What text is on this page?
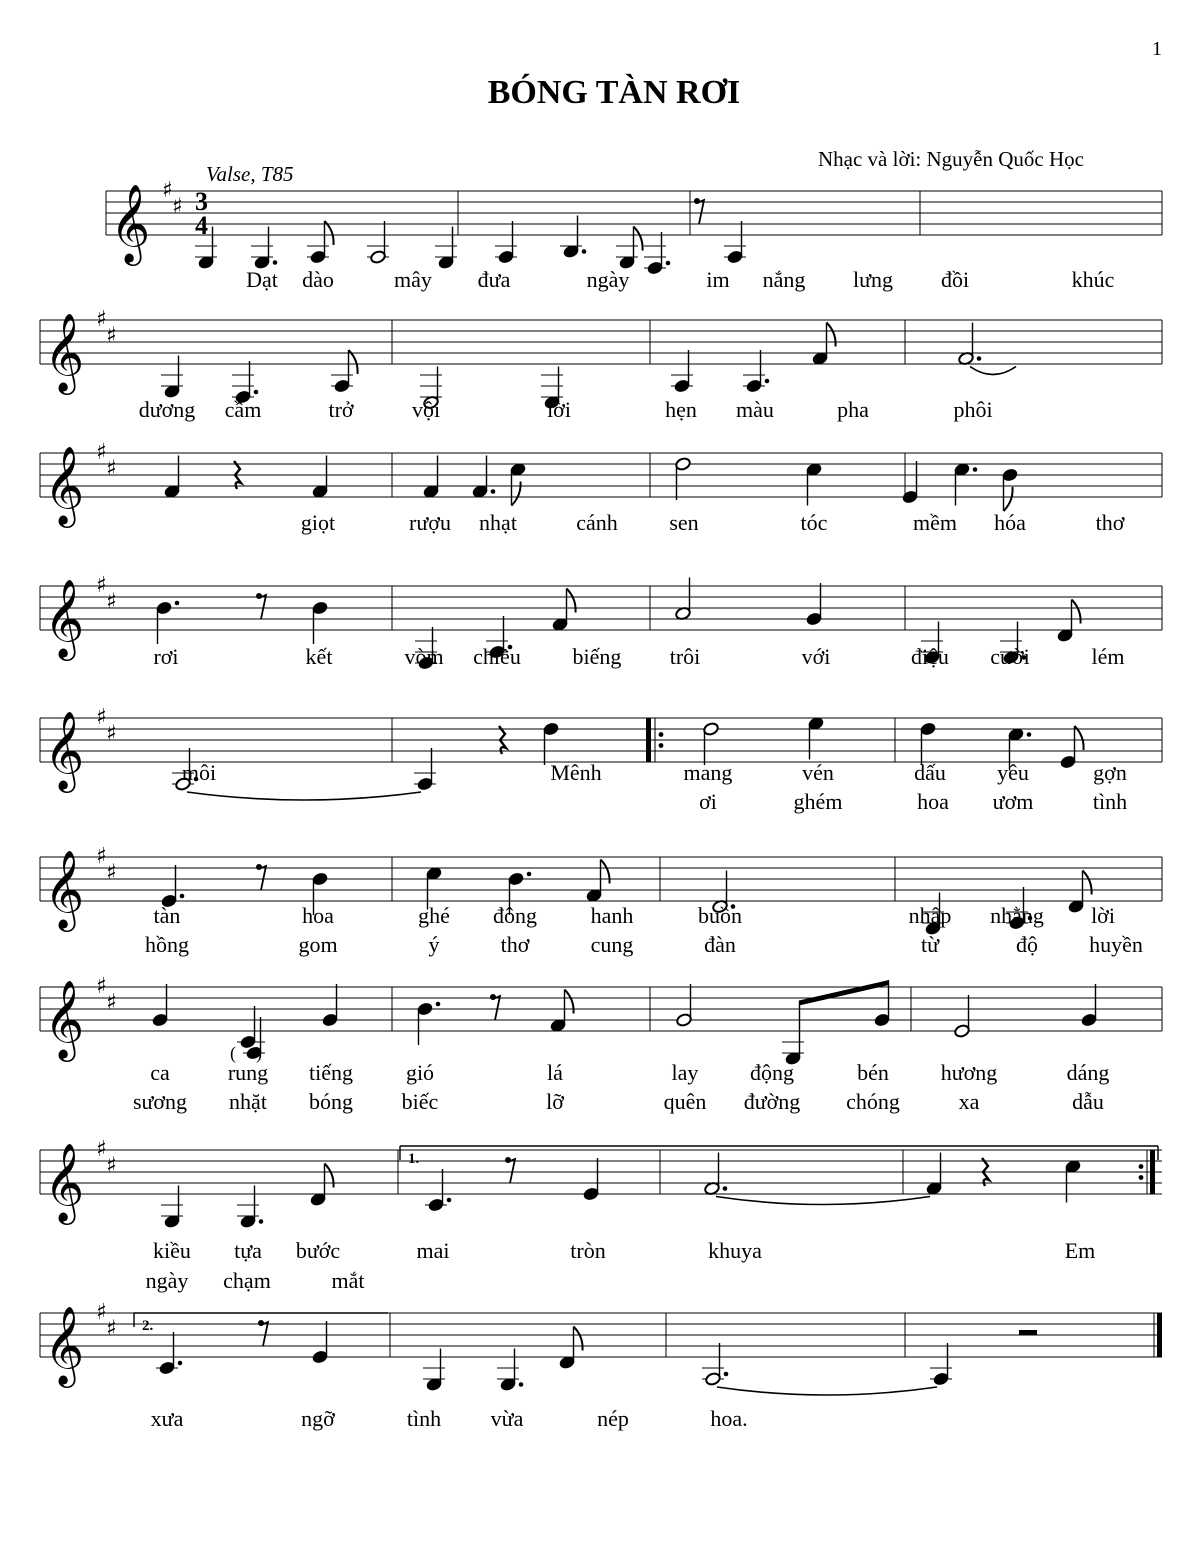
1
BÓNG TÀN RƠI
Nhạc và lời: Nguyễn Quốc Học
Valse, T85
𝄞 ♯
♯ 3
4
𝄞 ♯
♯
𝄞 ♯
♯
𝄞 ♯
♯
𝄞 ♯
♯
𝄞 ♯
♯
𝄞 ♯
♯
( )
𝄞 ♯
♯	1.
𝄞 ♯
♯ 2.
Dạt dào	mây đưa	ngày	im nắng lưng đồi	khúc
dương cầm	trở	vội	lời	hẹn màu	pha	phôi
giọt	rượu nhạt	cánh sen	tóc	mềm hóa	thơ
rơi	kết	vòm chiều biếng trôi	với	điệu cười	lém
môi	Mênh	mang	vén	dấu yêu	gợn
ơi	ghém	hoa ươm	tình
tàn	hoa	ghé đông hanh	buồn	nhập nhằng lời
hồng	gom	ý	thơ	cung	đàn	từ	độ huyền
ca	rung tiếng gió	lá	lay động	bén hương	dáng
sương nhặt bóng biếc	lỡ	quên đường chóng	xa	dẫu
kiều tựa bước	mai	tròn	khuya	Em
ngày chạm	mắt
xưa	ngỡ	tình vừa	nép	hoa.
